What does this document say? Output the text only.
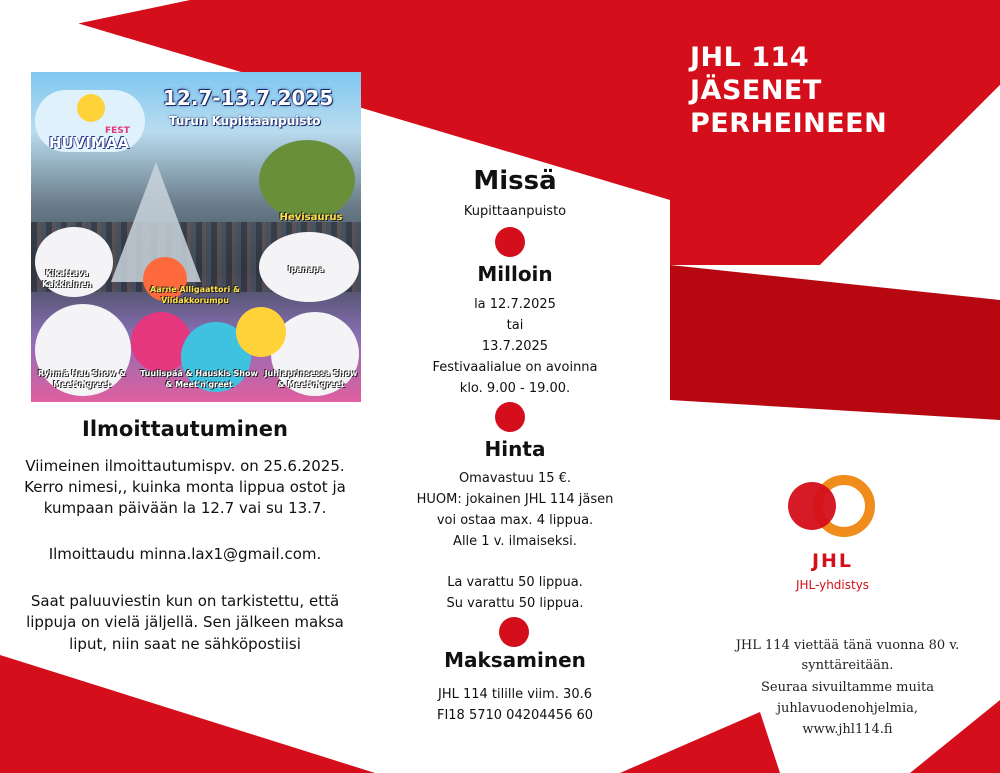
FEST
HUVIMAA
12.7-13.7.2025
Turun Kupittaanpuisto
Hevisaurus
Kikattava Kakkiainen
Aarne Alligaattori & Viidakkorumpu
Ipanapa
Ryhmä Hau Show & Meet'n'greet
Tuulispää & Hauskis Show & Meet'n'greet
Juhlaprinsessa Show & Meet'n'greet
Ilmoittautuminen
Viimeinen ilmoittautumispv. on 25.6.2025.
Kerro nimesi,, kuinka monta lippua ostot ja
kumpaan päivään la 12.7 vai su 13.7.
Ilmoittaudu minna.lax1@gmail.com.
Saat paluuviestin kun on tarkistettu, että
lippuja on vielä jäljellä. Sen jälkeen maksa
liput, niin saat ne sähköpostiisi
Missä
Kupittaanpuisto
Milloin
la 12.7.2025
tai
13.7.2025
Festivaalialue on avoinna
klo. 9.00 - 19.00.
Hinta
Omavastuu 15 €.
HUOM: jokainen JHL 114 jäsen
voi ostaa max. 4 lippua.
Alle 1 v. ilmaiseksi.
La varattu 50 lippua.
Su varattu 50 lippua.
Maksaminen
JHL 114 tilille viim. 30.6
FI18 5710 04204456 60
JHL 114
JÄSENET
PERHEINEEN
JHL
JHL-yhdistys
JHL 114 viettää tänä vuonna 80 v.
synttäreitään.
Seuraa sivuiltamme muita
juhlavuodenohjelmia,
www.jhl114.fi
